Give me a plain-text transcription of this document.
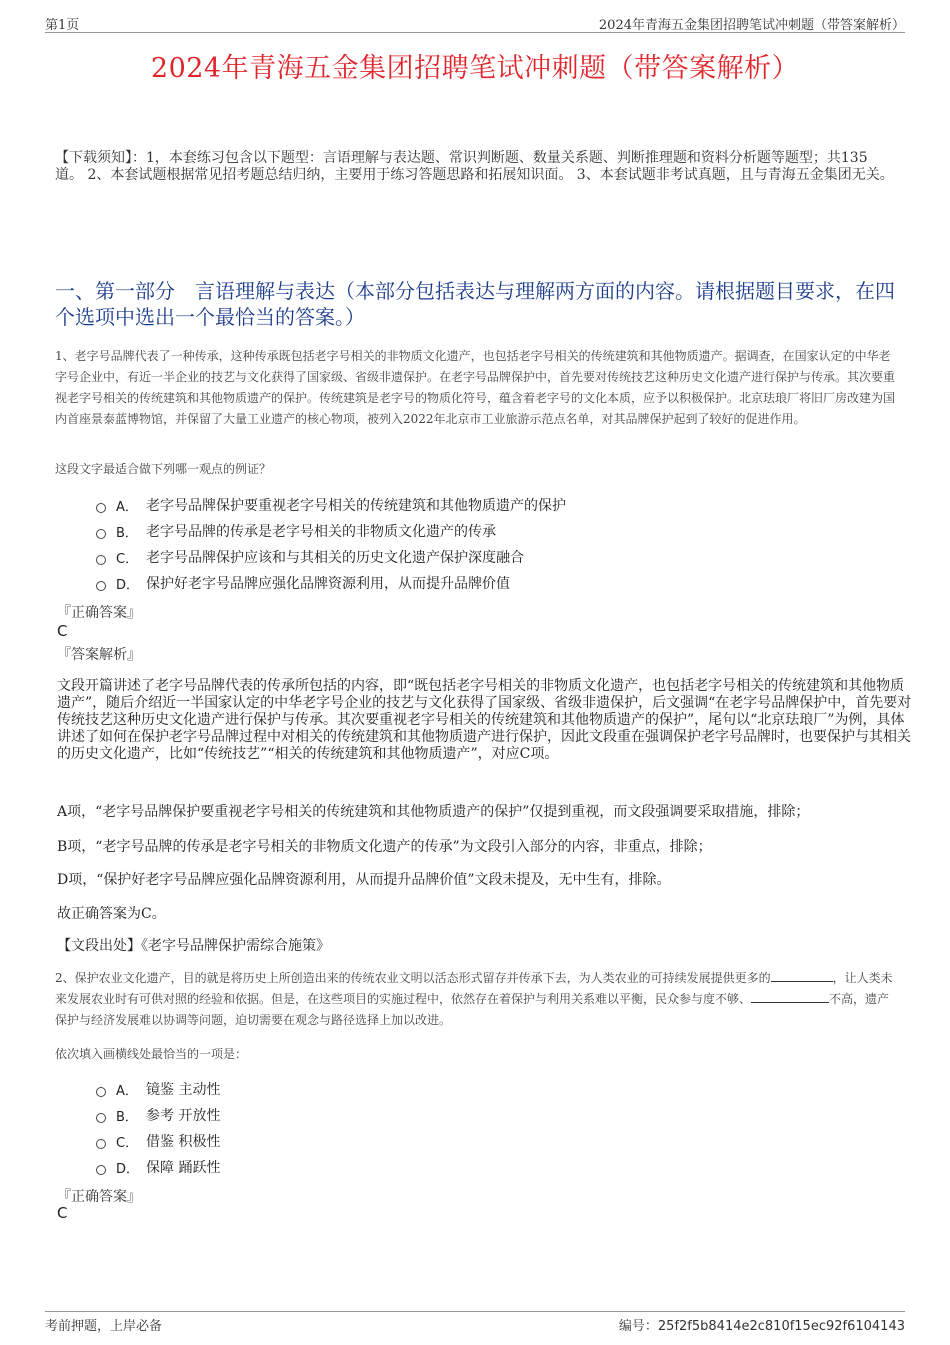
第1页	2024年青海五金集团招聘笔试冲刺题（带答案解析）
2024年青海五金集团招聘笔试冲刺题（带答案解析）
【下载须知】：1，本套练习包含以下题型：言语理解与表达题、常识判断题、数量关系题、判断推理题和资料分析题等题型；共135道。 2、本套试题根据常见招考题总结归纳，主要用于练习答题思路和拓展知识面。 3、本套试题非考试真题，且与青海五金集团无关。
一、第一部分　言语理解与表达（本部分包括表达与理解两方面的内容。请根据题目要求，在四个选项中选出一个最恰当的答案。）
1、老字号品牌代表了一种传承，这种传承既包括老字号相关的非物质文化遗产，也包括老字号相关的传统建筑和其他物质遗产。据调查，在国家认定的中华老字号企业中，有近一半企业的技艺与文化获得了国家级、省级非遗保护。在老字号品牌保护中，首先要对传统技艺这种历史文化遗产进行保护与传承。其次要重视老字号相关的传统建筑和其他物质遗产的保护。传统建筑是老字号的物质化符号，蕴含着老字号的文化本质，应予以积极保护。北京珐琅厂将旧厂房改建为国内首座景泰蓝博物馆，并保留了大量工业遗产的核心物项，被列入2022年北京市工业旅游示范点名单，对其品牌保护起到了较好的促进作用。
这段文字最适合做下列哪一观点的例证？
A． 老字号品牌保护要重视老字号相关的传统建筑和其他物质遗产的保护
B． 老字号品牌的传承是老字号相关的非物质文化遗产的传承
C． 老字号品牌保护应该和与其相关的历史文化遗产保护深度融合
D． 保护好老字号品牌应强化品牌资源利用，从而提升品牌价值
『正确答案』
C
『答案解析』
文段开篇讲述了老字号品牌代表的传承所包括的内容，即“既包括老字号相关的非物质文化遗产，也包括老字号相关的传统建筑和其他物质遗产”，随后介绍近一半国家认定的中华老字号企业的技艺与文化获得了国家级、省级非遗保护，后文强调“在老字号品牌保护中，首先要对传统技艺这种历史文化遗产进行保护与传承。其次要重视老字号相关的传统建筑和其他物质遗产的保护”，尾句以“北京珐琅厂”为例，具体讲述了如何在保护老字号品牌过程中对相关的传统建筑和其他物质遗产进行保护，因此文段重在强调保护老字号品牌时，也要保护与其相关的历史文化遗产，比如“传统技艺”“相关的传统建筑和其他物质遗产”，对应C项。
A项，“老字号品牌保护要重视老字号相关的传统建筑和其他物质遗产的保护”仅提到重视，而文段强调要采取措施，排除；
B项，“老字号品牌的传承是老字号相关的非物质文化遗产的传承”为文段引入部分的内容，非重点，排除；
D项，“保护好老字号品牌应强化品牌资源利用，从而提升品牌价值”文段未提及，无中生有，排除。
故正确答案为C。
【文段出处】《老字号品牌保护需综合施策》
2、保护农业文化遗产，目的就是将历史上所创造出来的传统农业文明以活态形式留存并传承下去，为人类农业的可持续发展提供更多的	，让人类未来发展农业时有可供对照的经验和依据。但是，在这些项目的实施过程中，依然存在着保护与利用关系难以平衡，民众参与度不够、	不高，遗产保护与经济发展难以协调等问题，迫切需要在观念与路径选择上加以改进。
依次填入画横线处最恰当的一项是：
A． 镜鉴 主动性
B． 参考 开放性
C． 借鉴 积极性
D． 保障 踊跃性
『正确答案』
C
考前押题，上岸必备	编号：25f2f5b8414e2c810f15ec92f6104143
